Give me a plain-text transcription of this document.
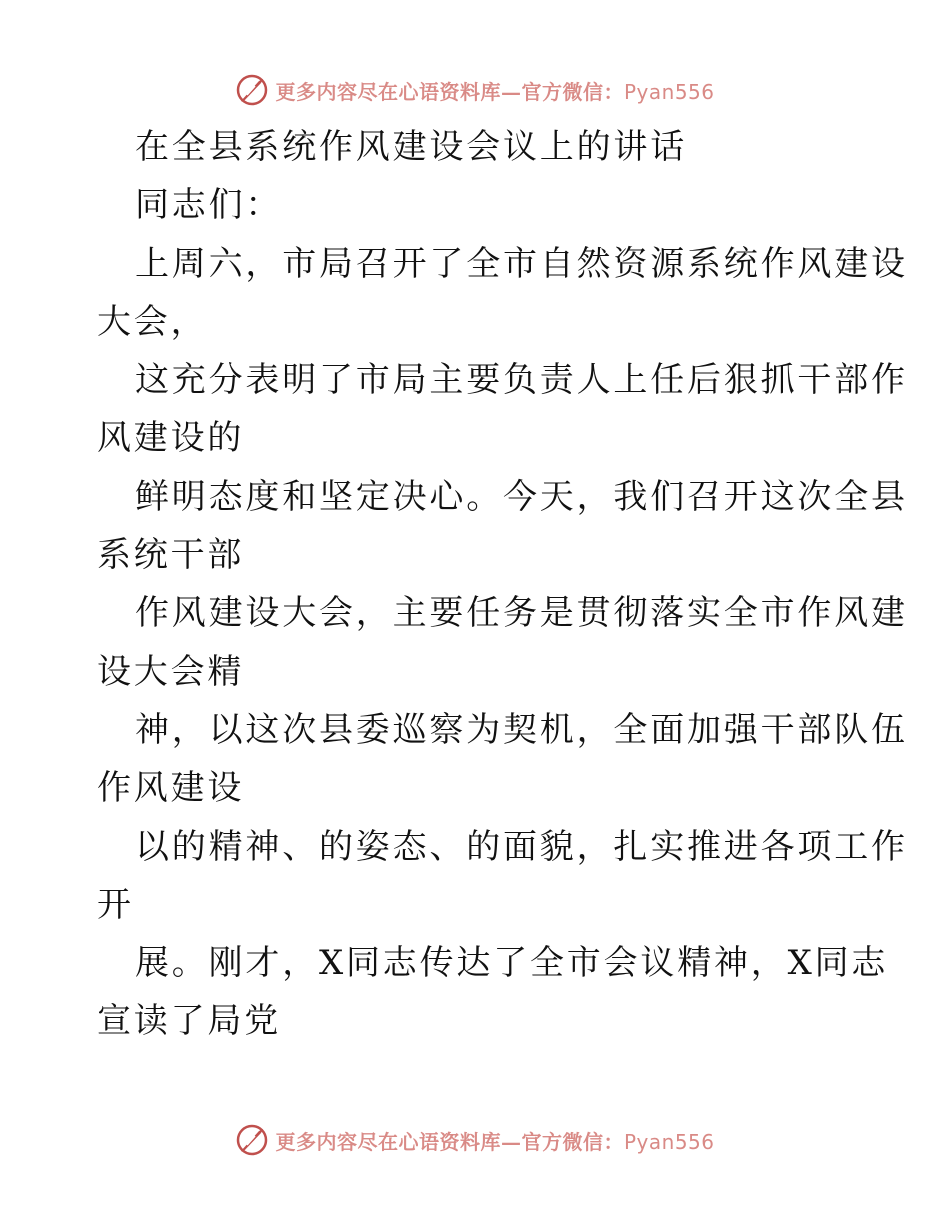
更多内容尽在心语资料库—官方微信：Pyan556
在全县系统作风建设会议上的讲话
同志们：
上周六，市局召开了全市自然资源系统作风建设
大会，
这充分表明了市局主要负责人上任后狠抓干部作
风建设的
鲜明态度和坚定决心。今天，我们召开这次全县
系统干部
作风建设大会，主要任务是贯彻落实全市作风建
设大会精
神，以这次县委巡察为契机，全面加强干部队伍
作风建设
以的精神、的姿态、的面貌，扎实推进各项工作
开
展。刚才，X同志传达了全市会议精神，X同志
宣读了局党
更多内容尽在心语资料库—官方微信：Pyan556
